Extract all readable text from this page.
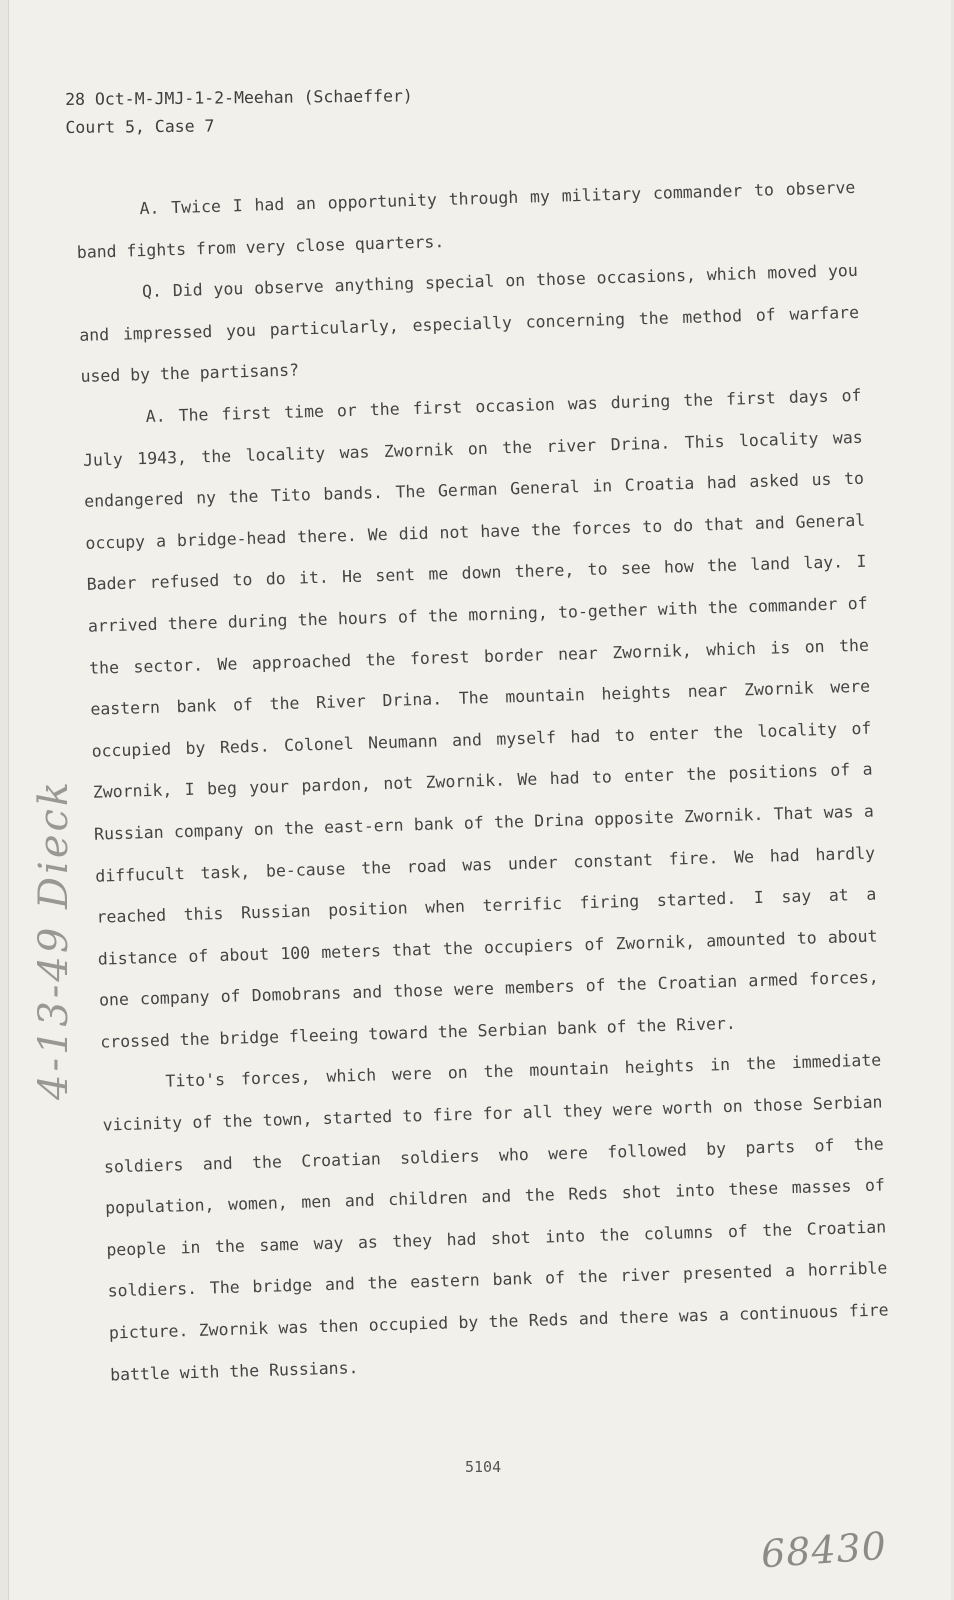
28 Oct-M-JMJ-1-2-Meehan (Schaeffer)
Court 5, Case 7

A. Twice I had an opportunity through my military commander to observe band fights from very close quarters.

Q. Did you observe anything special on those occasions, which moved you and impressed you particularly, especially concerning the method of warfare used by the partisans?

A. The first time or the first occasion was during the first days of July 1943, the locality was Zwornik on the river Drina. This locality was endangered ny the Tito bands. The German General in Croatia had asked us to occupy a bridge-head there. We did not have the forces to do that and General Bader refused to do it. He sent me down there, to see how the land lay. I arrived there during the hours of the morning, to-gether with the commander of the sector. We approached the forest border near Zwornik, which is on the eastern bank of the River Drina. The mountain heights near Zwornik were occupied by Reds. Colonel Neumann and myself had to enter the locality of Zwornik, I beg your pardon, not Zwornik. We had to enter the positions of a Russian company on the east-ern bank of the Drina opposite Zwornik. That was a diffucult task, be-cause the road was under constant fire. We had hardly reached this Russian position when terrific firing started. I say at a distance of about 100 meters that the occupiers of Zwornik, amounted to about one company of Domobrans and those were members of the Croatian armed forces, crossed the bridge fleeing toward the Serbian bank of the River.

Tito's forces, which were on the mountain heights in the immediate vicinity of the town, started to fire for all they were worth on those Serbian soldiers and the Croatian soldiers who were followed by parts of the population, women, men and children and the Reds shot into these masses of people in the same way as they had shot into the columns of the Croatian soldiers. The bridge and the eastern bank of the river presented a horrible picture. Zwornik was then occupied by the Reds and there was a continuous fire battle with the Russians.

5104
4-13-49 Dieck
68430
